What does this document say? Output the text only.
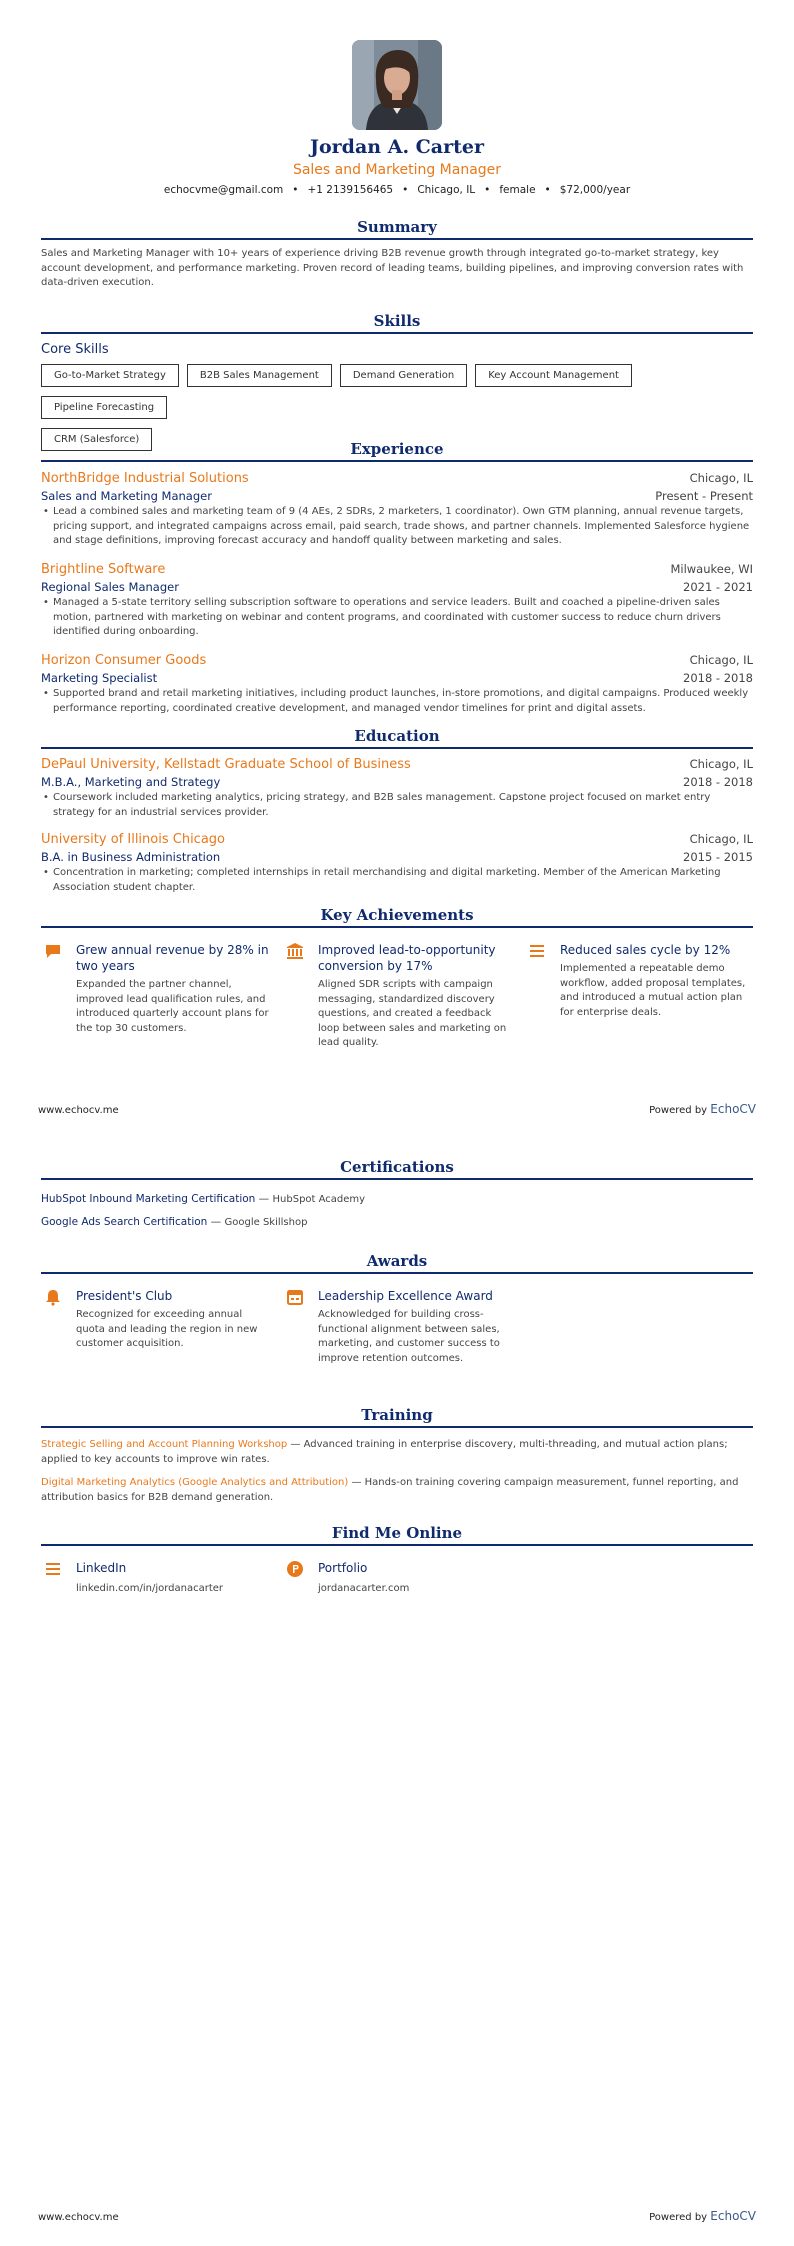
Jordan A. Carter
Sales and Marketing Manager
echocvme@gmail.com • +1 2139156465 • Chicago, IL • female • $72,000/year
Summary
Sales and Marketing Manager with 10+ years of experience driving B2B revenue growth through integrated go-to-market strategy, key account development, and performance marketing. Proven record of leading teams, building pipelines, and improving conversion rates with data-driven execution.
Skills
Core Skills
Go-to-Market Strategy	B2B Sales Management	Demand Generation	Key Account ManagementPipeline Forecasting
CRM (Salesforce)
Experience
NorthBridge Industrial Solutions	Chicago, IL
Sales and Marketing Manager	Present - Present
• Lead a combined sales and marketing team of 9 (4 AEs, 2 SDRs, 2 marketers, 1 coordinator). Own GTM planning, annual revenue targets, pricing support, and integrated campaigns across email, paid search, trade shows, and partner channels. Implemented Salesforce hygiene and stage definitions, improving forecast accuracy and handoff quality between marketing and sales.
Brightline Software	Milwaukee, WI
Regional Sales Manager	2021 - 2021
• Managed a 5-state territory selling subscription software to operations and service leaders. Built and coached a pipeline-driven sales motion, partnered with marketing on webinar and content programs, and coordinated with customer success to reduce churn drivers identified during onboarding.
Horizon Consumer Goods	Chicago, IL
Marketing Specialist	2018 - 2018
• Supported brand and retail marketing initiatives, including product launches, in-store promotions, and digital campaigns. Produced weekly performance reporting, coordinated creative development, and managed vendor timelines for print and digital assets.
Education
DePaul University, Kellstadt Graduate School of Business	Chicago, IL
M.B.A., Marketing and Strategy	2018 - 2018
• Coursework included marketing analytics, pricing strategy, and B2B sales management. Capstone project focused on market entry strategy for an industrial services provider.
University of Illinois Chicago	Chicago, IL
B.A. in Business Administration	2015 - 2015
• Concentration in marketing; completed internships in retail merchandising and digital marketing. Member of the American Marketing Association student chapter.
Key Achievements
Grew annual revenue by 28% in two years
Expanded the partner channel, improved lead qualification rules, and introduced quarterly account plans for the top 30 customers.
Improved lead-to-opportunity conversion by 17%
Aligned SDR scripts with campaign messaging, standardized discovery questions, and created a feedback loop between sales and marketing on lead quality.
Reduced sales cycle by 12%
Implemented a repeatable demo workflow, added proposal templates, and introduced a mutual action plan for enterprise deals.
www.echocv.me	Powered by EchoCV
Certifications
HubSpot Inbound Marketing Certification — HubSpot Academy
Google Ads Search Certification — Google Skillshop
Awards
President's Club
Recognized for exceeding annual quota and leading the region in new customer acquisition.
Leadership Excellence Award
Acknowledged for building cross-functional alignment between sales, marketing, and customer success to improve retention outcomes.
Training
Strategic Selling and Account Planning Workshop — Advanced training in enterprise discovery, multi-threading, and mutual action plans; applied to key accounts to improve win rates.
Digital Marketing Analytics (Google Analytics and Attribution) — Hands-on training covering campaign measurement, funnel reporting, and attribution basics for B2B demand generation.
Find Me Online
LinkedIn
linkedin.com/in/jordanacarter
Portfolio
jordanacarter.com
www.echocv.me	Powered by EchoCV
